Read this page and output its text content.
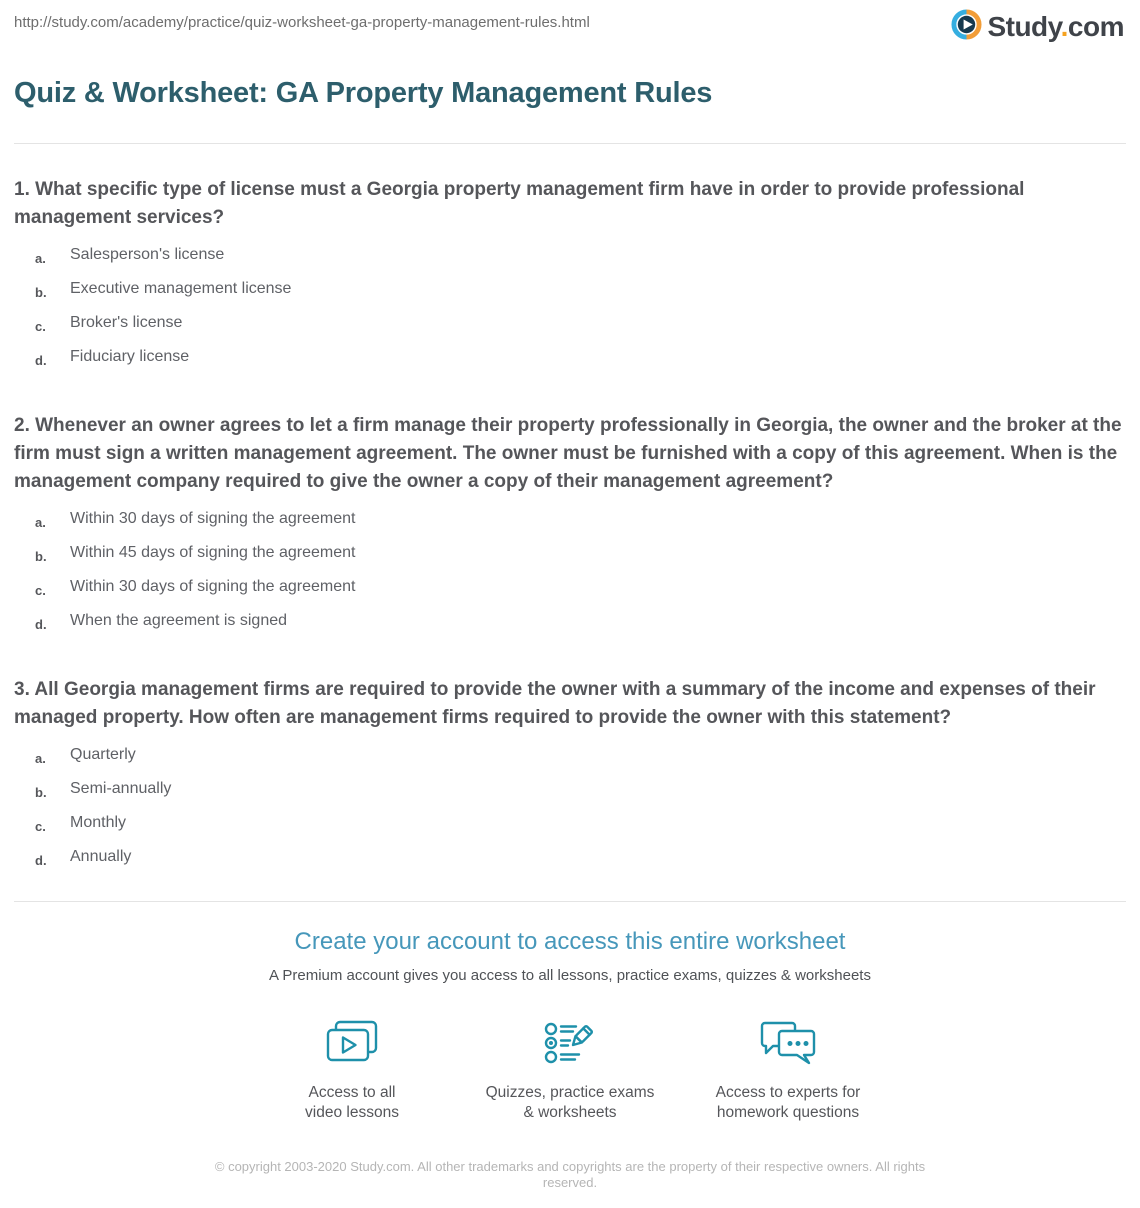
http://study.com/academy/practice/quiz-worksheet-ga-property-management-rules.html	Study.com
Quiz & Worksheet: GA Property Management Rules

1. What specific type of license must a Georgia property management firm have in order to provide professional management services?

a. Salesperson's license
b. Executive management license
c. Broker's license
d. Fiduciary license

2. Whenever an owner agrees to let a firm manage their property professionally in Georgia, the owner and the broker at the firm must sign a written management agreement. The owner must be furnished with a copy of this agreement. When is the management company required to give the owner a copy of their management agreement?

a. Within 30 days of signing the agreement
b. Within 45 days of signing the agreement
c. Within 30 days of signing the agreement
d. When the agreement is signed

3. All Georgia management firms are required to provide the owner with a summary of the income and expenses of their managed property. How often are management firms required to provide the owner with this statement?

a. Quarterly
b. Semi-annually
c. Monthly
d. Annually
Create your account to access this entire worksheet
A Premium account gives you access to all lessons, practice exams, quizzes & worksheets
Access to all
video lessons
Quizzes, practice exams
& worksheets
Access to experts for
homework questions
© copyright 2003-2020 Study.com. All other trademarks and copyrights are the property of their respective owners. All rights reserved.
